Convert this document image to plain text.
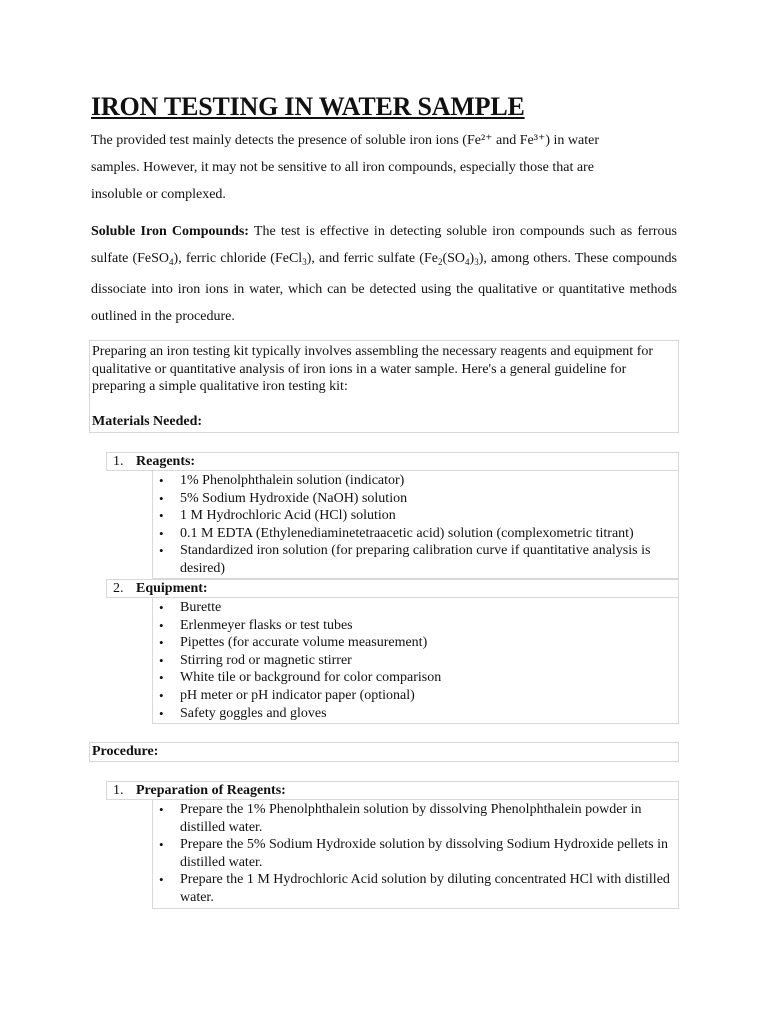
IRON TESTING IN WATER SAMPLE
The provided test mainly detects the presence of soluble iron ions (Fe²⁺ and Fe³⁺) in water
samples. However, it may not be sensitive to all iron compounds, especially those that are
insoluble or complexed.

Soluble Iron Compounds: The test is effective in detecting soluble iron compounds such as ferrous sulfate (FeSO$_4$), ferric chloride (FeCl$_3$), and ferric sulfate $(Fe_2(SO_4)_3)$, among others. These compounds dissociate into iron ions in water, which can be detected using the qualitative or quantitative methods outlined in the procedure.

Preparing an iron testing kit typically involves assembling the necessary reagents and equipment for qualitative or quantitative analysis of iron ions in a water sample. Here's a general guideline for preparing a simple qualitative iron testing kit:

Materials Needed:

1. Reagents:
• 1% Phenolphthalein solution (indicator)
• 5% Sodium Hydroxide (NaOH) solution
• 1 M Hydrochloric Acid (HCl) solution
• 0.1 M EDTA (Ethylenediaminetetraacetic acid) solution (complexometric titrant)
• Standardized iron solution (for preparing calibration curve if quantitative analysis is desired)
2. Equipment:
• Burette
• Erlenmeyer flasks or test tubes
• Pipettes (for accurate volume measurement)
• Stirring rod or magnetic stirrer
• White tile or background for color comparison
• pH meter or pH indicator paper (optional)
• Safety goggles and gloves
Procedure:
1. Preparation of Reagents:
• Prepare the 1% Phenolphthalein solution by dissolving Phenolphthalein powder in distilled water.
• Prepare the 5% Sodium Hydroxide solution by dissolving Sodium Hydroxide pellets in distilled water.
• Prepare the 1 M Hydrochloric Acid solution by diluting concentrated HCl with distilled water.
